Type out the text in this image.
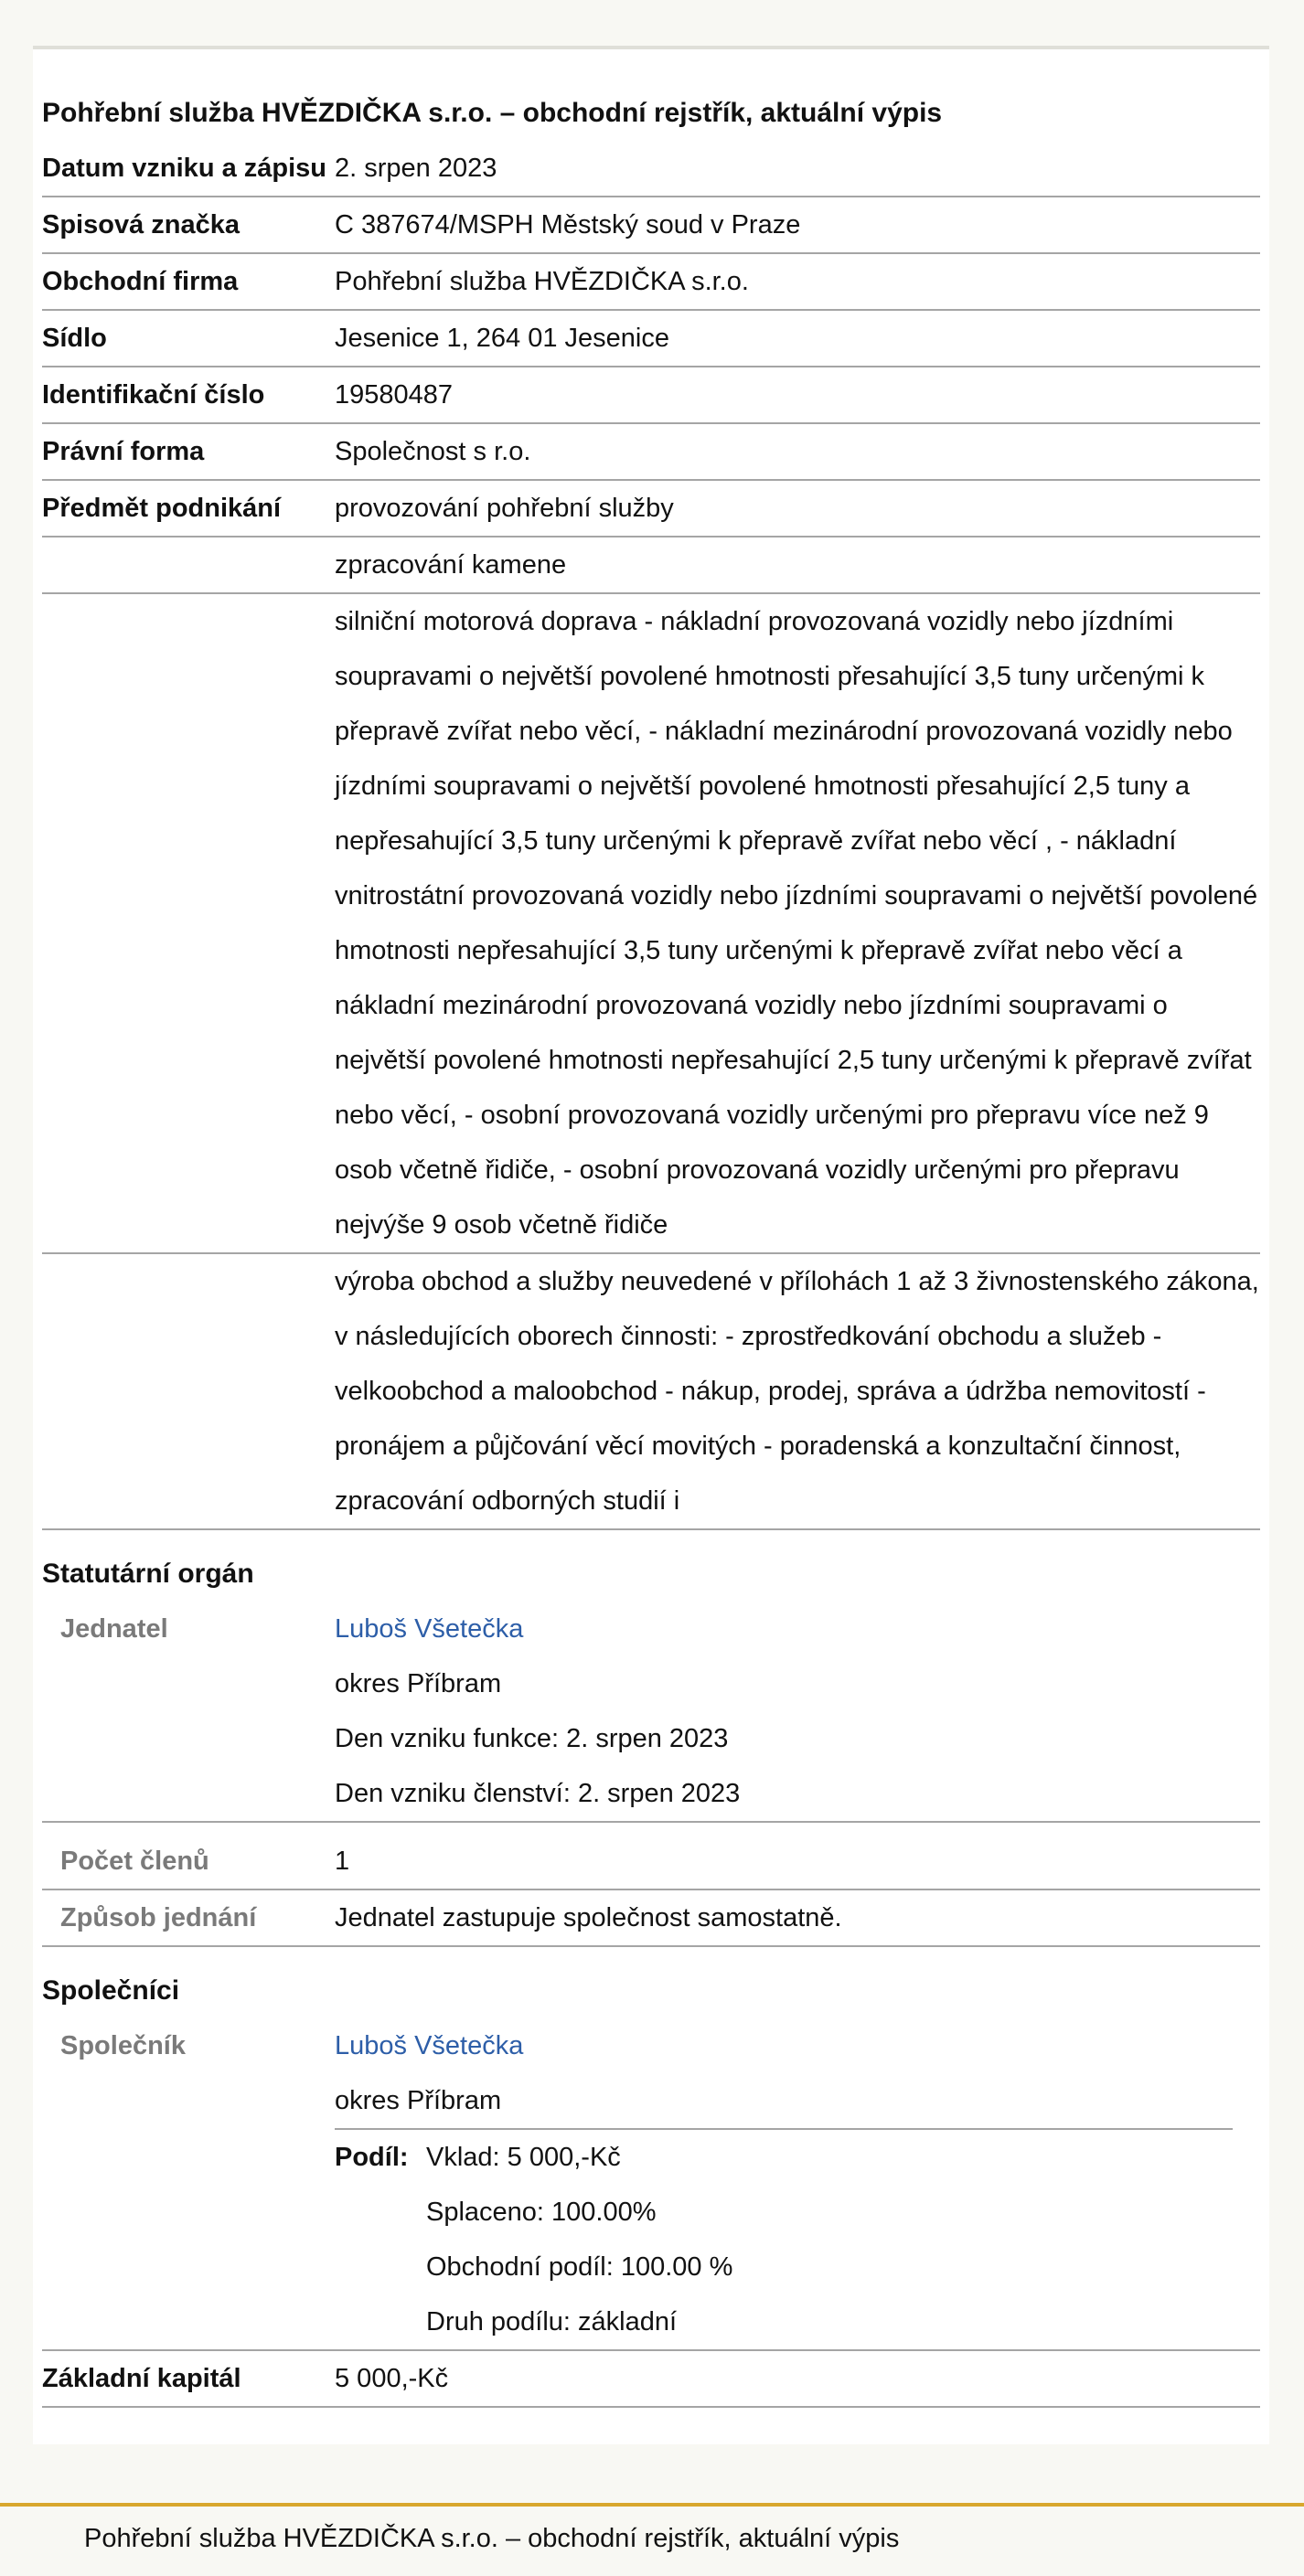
Pohřební služba HVĚZDIČKA s.r.o. – obchodní rejstřík, aktuální výpis
Datum vzniku a zápisu 2. srpen 2023
Spisová značka	C 387674/MSPH Městský soud v Praze
Obchodní firma	Pohřební služba HVĚZDIČKA s.r.o.
Sídlo	Jesenice 1, 264 01 Jesenice
Identifikační číslo	19580487
Právní forma	Společnost s r.o.
Předmět podnikání	provozování pohřební služby
zpracování kamene
silniční motorová doprava - nákladní provozovaná vozidly nebo jízdními soupravami o největší povolené hmotnosti přesahující 3,5 tuny určenými k přepravě zvířat nebo věcí, - nákladní mezinárodní provozovaná vozidly nebo jízdními soupravami o největší povolené hmotnosti přesahující 2,5 tuny a nepřesahující 3,5 tuny určenými k přepravě zvířat nebo věcí , - nákladní vnitrostátní provozovaná vozidly nebo jízdními soupravami o největší povolené hmotnosti nepřesahující 3,5 tuny určenými k přepravě zvířat nebo věcí a nákladní mezinárodní provozovaná vozidly nebo jízdními soupravami o největší povolené hmotnosti nepřesahující 2,5 tuny určenými k přepravě zvířat nebo věcí, - osobní provozovaná vozidly určenými pro přepravu více než 9 osob včetně řidiče, - osobní provozovaná vozidly určenými pro přepravu nejvýše 9 osob včetně řidiče
výroba obchod a služby neuvedené v přílohách 1 až 3 živnostenského zákona, v následujících oborech činnosti: - zprostředkování obchodu a služeb - velkoobchod a maloobchod - nákup, prodej, správa a údržba nemovitostí -pronájem a půjčování věcí movitých - poradenská a konzultační činnost, zpracování odborných studií i
Statutární orgán
Jednatel	Luboš Všetečka
okres Příbram
Den vzniku funkce: 2. srpen 2023
Den vzniku členství: 2. srpen 2023
Počet členů	1
Způsob jednání	Jednatel zastupuje společnost samostatně.
Společníci
Společník	Luboš Všetečka
okres Příbram
Podíl: Vklad: 5 000,-Kč
Splaceno: 100.00%
Obchodní podíl: 100.00 %
Druh podílu: základní
Základní kapitál	5 000,-Kč
Pohřební služba HVĚZDIČKA s.r.o. – obchodní rejstřík, aktuální výpis
